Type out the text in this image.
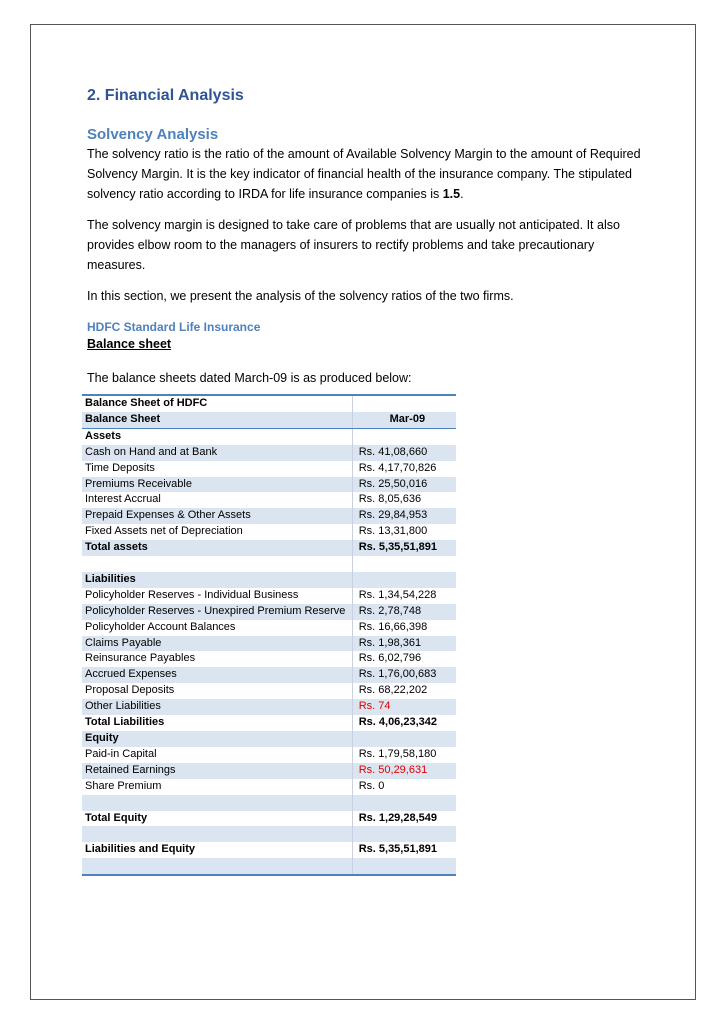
2. Financial Analysis
Solvency Analysis

The solvency ratio is the ratio of the amount of Available Solvency Margin to the amount of Required Solvency Margin. It is the key indicator of financial health of the insurance company. The stipulated solvency ratio according to IRDA for life insurance companies is 1.5.

The solvency margin is designed to take care of problems that are usually not anticipated. It also provides elbow room to the managers of insurers to rectify problems and take precautionary measures.

In this section, we present the analysis of the solvency ratios of the two firms.

HDFC Standard Life Insurance
Balance sheet

The balance sheets dated March-09 is as produced below:

Balance Sheet of HDFC	
Balance Sheet	Mar-09
Assets	
Cash on Hand and at Bank	Rs. 41,08,660
Time Deposits	Rs. 4,17,70,826
Premiums Receivable	Rs. 25,50,016
Interest Accrual	Rs. 8,05,636
Prepaid Expenses & Other Assets	Rs. 29,84,953
Fixed Assets net of Depreciation	Rs. 13,31,800
Total assets	Rs. 5,35,51,891

Liabilities	
Policyholder Reserves - Individual Business	Rs. 1,34,54,228
Policyholder Reserves - Unexpired Premium Reserve	Rs. 2,78,748
Policyholder Account Balances	Rs. 16,66,398
Claims Payable	Rs. 1,98,361
Reinsurance Payables	Rs. 6,02,796
Accrued Expenses	Rs. 1,76,00,683
Proposal Deposits	Rs. 68,22,202
Other Liabilities	Rs. 74
Total Liabilities	Rs. 4,06,23,342
Equity	
Paid-in Capital	Rs. 1,79,58,180
Retained Earnings	Rs. 50,29,631
Share Premium	Rs. 0

Total Equity	Rs. 1,29,28,549

Liabilities and Equity	Rs. 5,35,51,891
